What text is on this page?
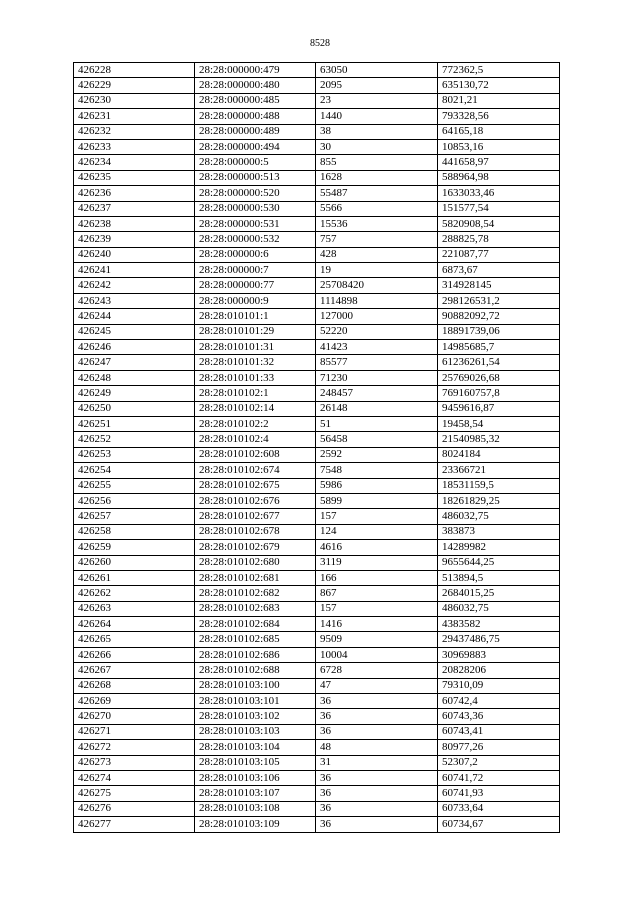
8528
426228	28:28:000000:479	63050	772362,5
426229	28:28:000000:480	2095	635130,72
426230	28:28:000000:485	23	8021,21
426231	28:28:000000:488	1440	793328,56
426232	28:28:000000:489	38	64165,18
426233	28:28:000000:494	30	10853,16
426234	28:28:000000:5	855	441658,97
426235	28:28:000000:513	1628	588964,98
426236	28:28:000000:520	55487	1633033,46
426237	28:28:000000:530	5566	151577,54
426238	28:28:000000:531	15536	5820908,54
426239	28:28:000000:532	757	288825,78
426240	28:28:000000:6	428	221087,77
426241	28:28:000000:7	19	6873,67
426242	28:28:000000:77	25708420	314928145
426243	28:28:000000:9	1114898	298126531,2
426244	28:28:010101:1	127000	90882092,72
426245	28:28:010101:29	52220	18891739,06
426246	28:28:010101:31	41423	14985685,7
426247	28:28:010101:32	85577	61236261,54
426248	28:28:010101:33	71230	25769026,68
426249	28:28:010102:1	248457	769160757,8
426250	28:28:010102:14	26148	9459616,87
426251	28:28:010102:2	51	19458,54
426252	28:28:010102:4	56458	21540985,32
426253	28:28:010102:608	2592	8024184
426254	28:28:010102:674	7548	23366721
426255	28:28:010102:675	5986	18531159,5
426256	28:28:010102:676	5899	18261829,25
426257	28:28:010102:677	157	486032,75
426258	28:28:010102:678	124	383873
426259	28:28:010102:679	4616	14289982
426260	28:28:010102:680	3119	9655644,25
426261	28:28:010102:681	166	513894,5
426262	28:28:010102:682	867	2684015,25
426263	28:28:010102:683	157	486032,75
426264	28:28:010102:684	1416	4383582
426265	28:28:010102:685	9509	29437486,75
426266	28:28:010102:686	10004	30969883
426267	28:28:010102:688	6728	20828206
426268	28:28:010103:100	47	79310,09
426269	28:28:010103:101	36	60742,4
426270	28:28:010103:102	36	60743,36
426271	28:28:010103:103	36	60743,41
426272	28:28:010103:104	48	80977,26
426273	28:28:010103:105	31	52307,2
426274	28:28:010103:106	36	60741,72
426275	28:28:010103:107	36	60741,93
426276	28:28:010103:108	36	60733,64
426277	28:28:010103:109	36	60734,67
